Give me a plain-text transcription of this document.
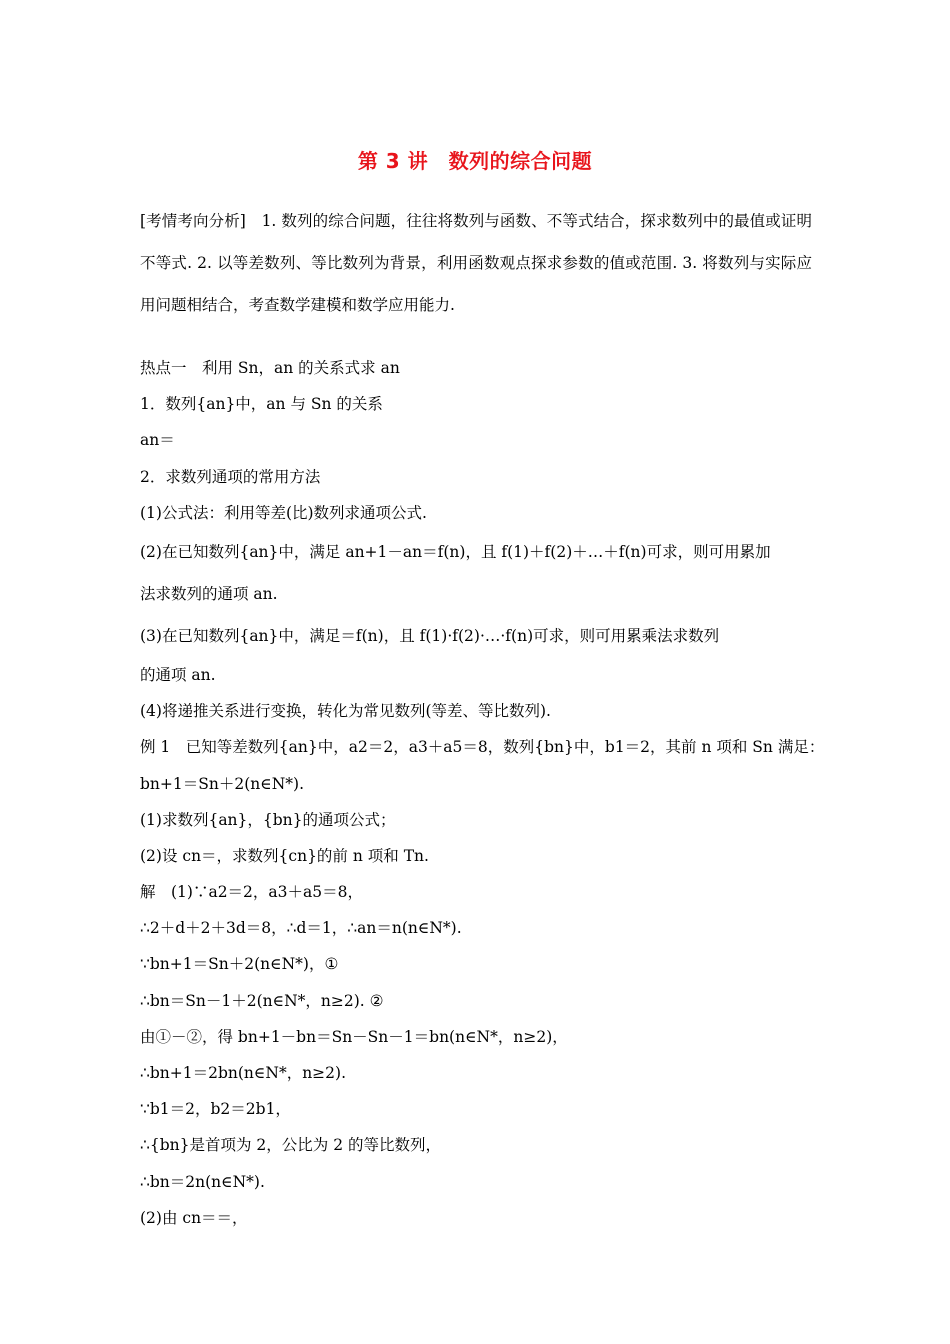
第 3 讲　数列的综合问题
[考情考向分析]　1. 数列的综合问题，往往将数列与函数、不等式结合，探求数列中的最值或证明不等式. 2. 以等差数列、等比数列为背景，利用函数观点探求参数的值或范围. 3. 将数列与实际应用问题相结合，考查数学建模和数学应用能力.
热点一　利用 Sn，an 的关系式求 an
1．数列{an}中，an 与 Sn 的关系
an＝
2．求数列通项的常用方法
(1)公式法：利用等差(比)数列求通项公式.
(2)在已知数列{an}中，满足 an+1－an＝f(n)，且 f(1)＋f(2)＋…＋f(n)可求，则可用累加
法求数列的通项 an.
(3)在已知数列{an}中，满足＝f(n)，且 f(1)·f(2)·…·f(n)可求，则可用累乘法求数列
的通项 an.
(4)将递推关系进行变换，转化为常见数列(等差、等比数列).
例 1　已知等差数列{an}中，a2＝2，a3＋a5＝8，数列{bn}中，b1＝2，其前 n 项和 Sn 满足：
bn+1＝Sn＋2(n∈N*).
(1)求数列{an}，{bn}的通项公式；
(2)设 cn＝，求数列{cn}的前 n 项和 Tn.
解　(1)∵a2＝2，a3＋a5＝8，
∴2＋d＋2＋3d＝8，∴d＝1，∴an＝n(n∈N*).
∵bn+1＝Sn＋2(n∈N*)，①
∴bn＝Sn－1＋2(n∈N*，n≥2). ②
由①－②，得 bn+1－bn＝Sn－Sn－1＝bn(n∈N*，n≥2)，
∴bn+1＝2bn(n∈N*，n≥2).
∵b1＝2，b2＝2b1，
∴{bn}是首项为 2，公比为 2 的等比数列，
∴bn＝2n(n∈N*).
(2)由 cn＝＝，
